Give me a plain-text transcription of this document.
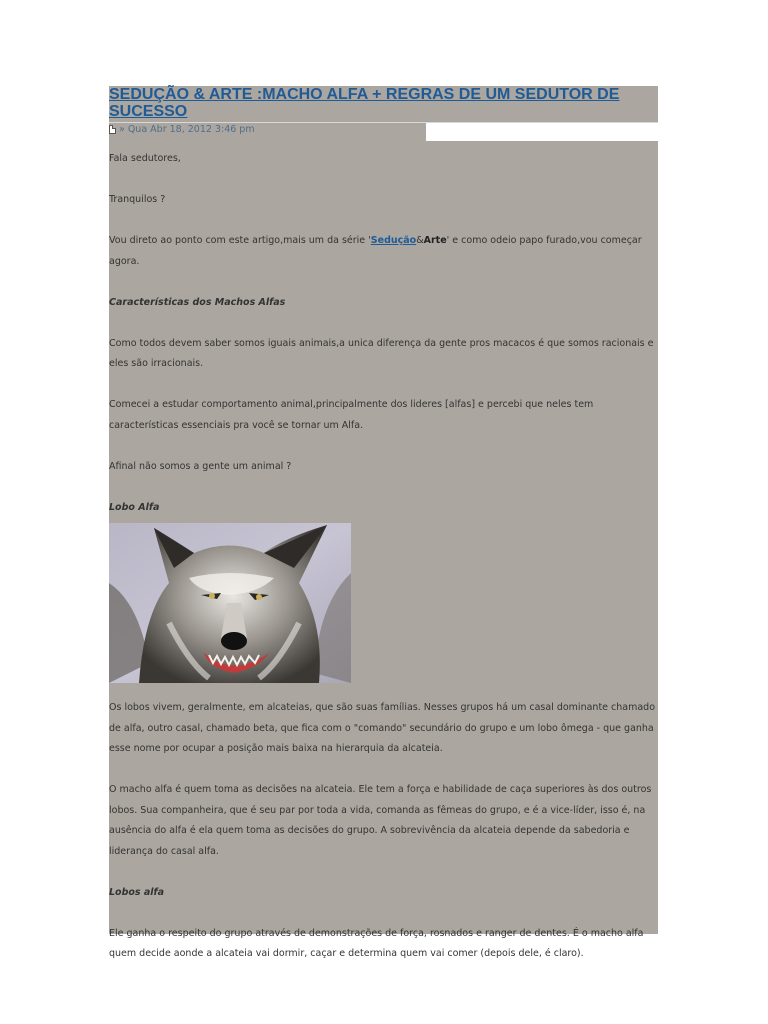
SEDUÇÃO & ARTE :MACHO ALFA + REGRAS DE UM SEDUTOR DE SUCESSO
» Qua Abr 18, 2012 3:46 pm

Fala sedutores,

Tranquilos ?

Vou direto ao ponto com este artigo,mais um da série 'Sedução&Arte' e como odeio papo furado,vou começar agora.

Características dos Machos Alfas

Como todos devem saber somos iguais animais,a unica diferença da gente pros macacos é que somos racionais e eles são irracionais.

Comecei a estudar comportamento animal,principalmente dos lideres [alfas] e percebi que neles tem características essenciais pra você se tornar um Alfa.

Afinal não somos a gente um animal ?

Lobo Alfa

Os lobos vivem, geralmente, em alcateias, que são suas famílias. Nesses grupos há um casal dominante chamado de alfa, outro casal, chamado beta, que fica com o "comando" secundário do grupo e um lobo ômega - que ganha esse nome por ocupar a posição mais baixa na hierarquia da alcateia.

O macho alfa é quem toma as decisões na alcateia. Ele tem a força e habilidade de caça superiores às dos outros lobos. Sua companheira, que é seu par por toda a vida, comanda as fêmeas do grupo, e é a vice-líder, isso é, na ausência do alfa é ela quem toma as decisões do grupo. A sobrevivência da alcateia depende da sabedoria e liderança do casal alfa.

Lobos alfa

Ele ganha o respeito do grupo através de demonstrações de força, rosnados e ranger de dentes. É o macho alfa quem decide aonde a alcateia vai dormir, caçar e determina quem vai comer (depois dele, é claro).
